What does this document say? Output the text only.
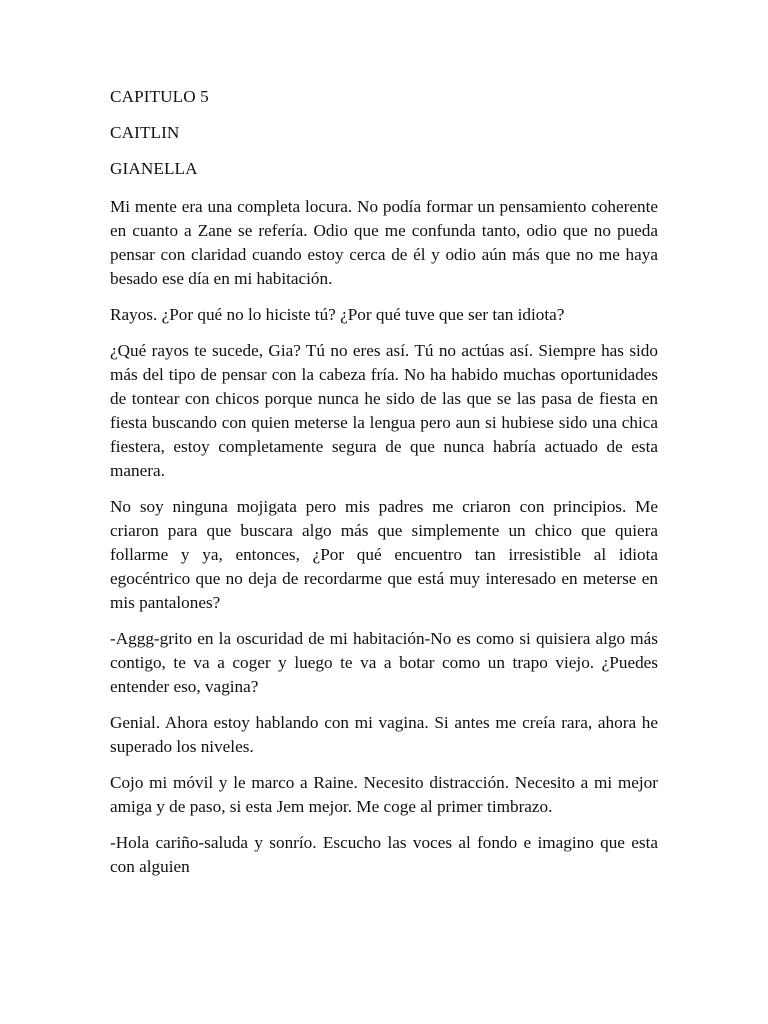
CAPITULO 5

CAITLIN

GIANELLA

Mi mente era una completa locura. No podía formar un pensamiento coherente en cuanto a Zane se refería. Odio que me confunda tanto, odio que no pueda pensar con claridad cuando estoy cerca de él y odio aún más que no me haya besado ese día en mi habitación.

Rayos. ¿Por qué no lo hiciste tú? ¿Por qué tuve que ser tan idiota?

¿Qué rayos te sucede, Gia? Tú no eres así. Tú no actúas así. Siempre has sido más del tipo de pensar con la cabeza fría. No ha habido muchas oportunidades de tontear con chicos porque nunca he sido de las que se las pasa de fiesta en fiesta buscando con quien meterse la lengua pero aun si hubiese sido una chica fiestera, estoy completamente segura de que nunca habría actuado de esta manera.

No soy ninguna mojigata pero mis padres me criaron con principios. Me criaron para que buscara algo más que simplemente un chico que quiera follarme y ya, entonces, ¿Por qué encuentro tan irresistible al idiota egocéntrico que no deja de recordarme que está muy interesado en meterse en mis pantalones?

-Aggg-grito en la oscuridad de mi habitación-No es como si quisiera algo más contigo, te va a coger y luego te va a botar como un trapo viejo. ¿Puedes entender eso, vagina?

Genial. Ahora estoy hablando con mi vagina. Si antes me creía rara, ahora he superado los niveles.

Cojo mi móvil y le marco a Raine. Necesito distracción. Necesito a mi mejor amiga y de paso, si esta Jem mejor. Me coge al primer timbrazo.

-Hola cariño-saluda y sonrío. Escucho las voces al fondo e imagino que esta con alguien
